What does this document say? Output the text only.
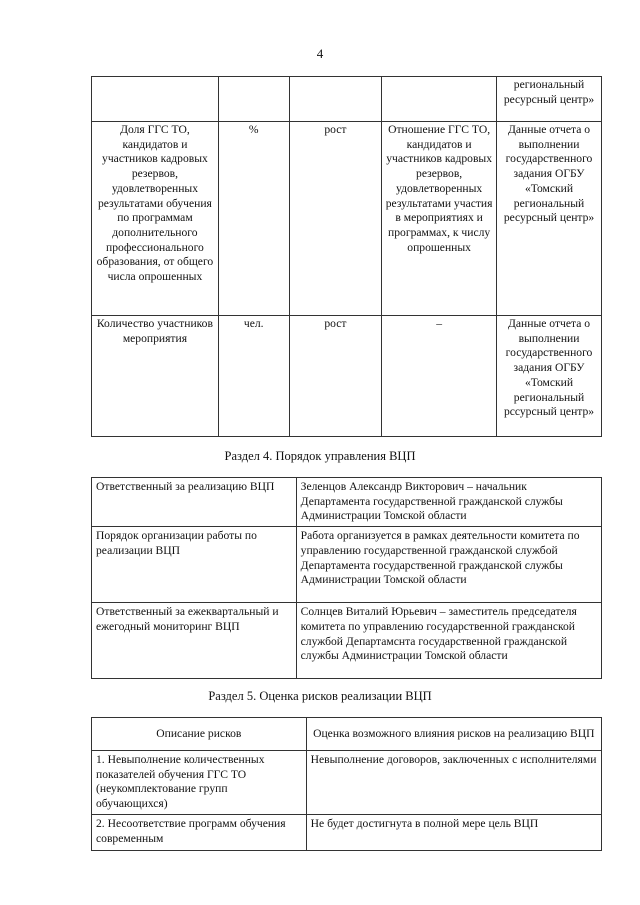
4
				региональный ресурсный центр»
Доля ГГС ТО, кандидатов и участников кадровых резервов, удовлетворенных результатами обучения по программам дополнительного профессионального образования, от общего числа опрошенных	%	рост	Отношение ГГС ТО, кандидатов и участников кадровых резервов, удовлетворенных результатами участия в мероприятиях и программах, к числу опрошенных	Данные отчета о выполнении государственного задания ОГБУ «Томский региональный ресурсный центр»
Количество участников мероприятия	чел.	рост	–	Данные отчета о выполнении государственного задания ОГБУ «Томский региональный рссурсный центр»
Раздел 4. Порядок управления ВЦП
Ответственный за реализацию ВЦП	Зеленцов Александр Викторович – начальник Департамента государственной гражданской службы Администрации Томской области
Порядок организации работы по реализации ВЦП	Работа организуется в рамках деятельности комитета по управлению государственной гражданской службой Департамента государственной гражданской службы Администрации Томской области
Ответственный за ежеквартальный и ежегодный мониторинг ВЦП	Солнцев Виталий Юрьевич – заместитель председателя комитета по управлению государственной гражданской службой Департамснта государственной гражданской службы Администрации Томской области
Раздел 5. Оценка рисков реализации ВЦП
Описание рисков	Оценка возможного влияния рисков на реализацию ВЦП
1. Невыполнение количественных показателей обучения ГГС ТО (неукомплектование групп обучающихся)	Невыполнение договоров, заключенных с исполнителями
2. Несоответствие программ обучения современным	Не будет достигнута в полной мере цель ВЦП
